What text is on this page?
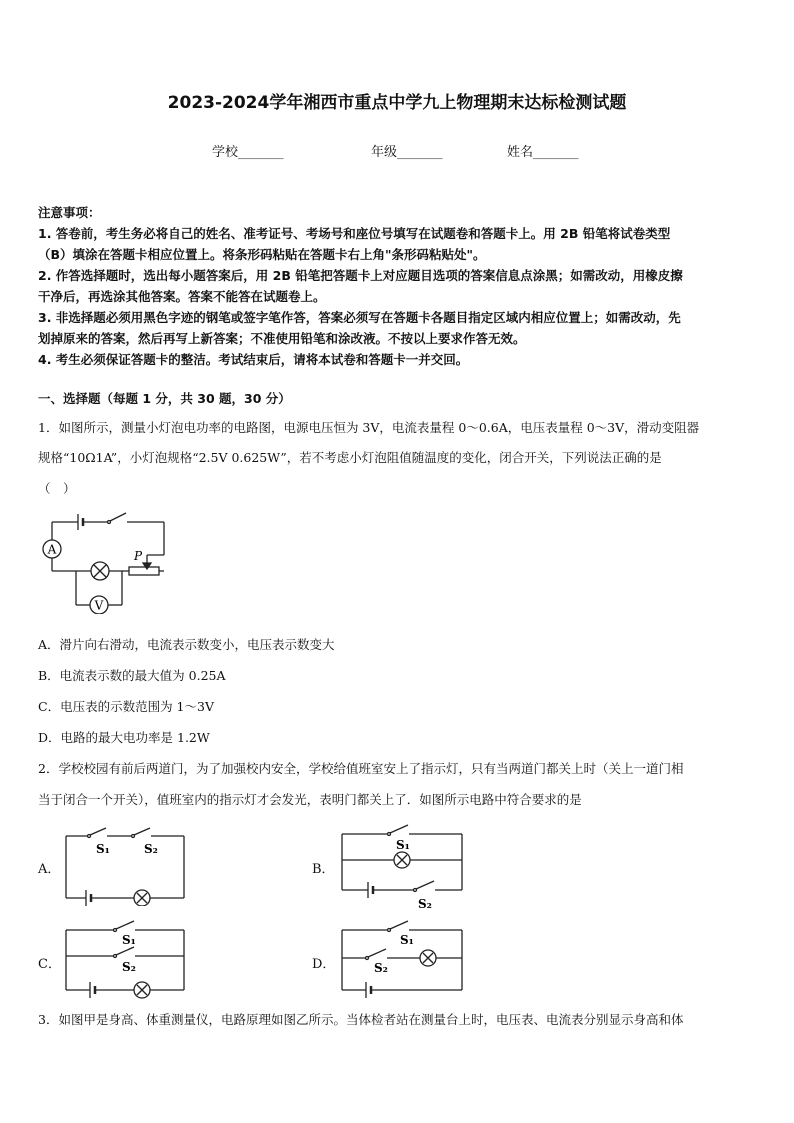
2023-2024学年湘西市重点中学九上物理期末达标检测试题
学校_______	年级_______	姓名_______
注意事项：
1. 答卷前，考生务必将自己的姓名、准考证号、考场号和座位号填写在试题卷和答题卡上。用 2B 铅笔将试卷类型
（B）填涂在答题卡相应位置上。将条形码粘贴在答题卡右上角"条形码粘贴处"。
2. 作答选择题时，选出每小题答案后，用 2B 铅笔把答题卡上对应题目选项的答案信息点涂黑；如需改动，用橡皮擦
干净后，再选涂其他答案。答案不能答在试题卷上。
3. 非选择题必须用黑色字迹的钢笔或签字笔作答，答案必须写在答题卡各题目指定区域内相应位置上；如需改动，先
划掉原来的答案，然后再写上新答案；不准使用铅笔和涂改液。不按以上要求作答无效。
4. 考生必须保证答题卡的整洁。考试结束后，请将本试卷和答题卡一并交回。
一、选择题（每题 1 分，共 30 题，30 分）
1．如图所示，测量小灯泡电功率的电路图，电源电压恒为 3V，电流表量程 0～0.6A，电压表量程 0～3V，滑动变阻器
规格“10Ω1A”，小灯泡规格“2.5V 0.625W”，若不考虑小灯泡阻值随温度的变化，闭合开关，下列说法正确的是
（　）
A
V
P
A．滑片向右滑动，电流表示数变小，电压表示数变大
B．电流表示数的最大值为 0.25A
C．电压表的示数范围为 1～3V
D．电路的最大电功率是 1.2W
2．学校校园有前后两道门，为了加强校内安全，学校给值班室安上了指示灯，只有当两道门都关上时（关上一道门相
当于闭合一个开关），值班室内的指示灯才会发光，表明门都关上了．如图所示电路中符合要求的是
A．
S₁	S₂
B．
S₁
S₂
C．
S₁
S₂	D．
S₁
S₂
3．如图甲是身高、体重测量仪，电路原理如图乙所示。当体检者站在测量台上时，电压表、电流表分别显示身高和体
